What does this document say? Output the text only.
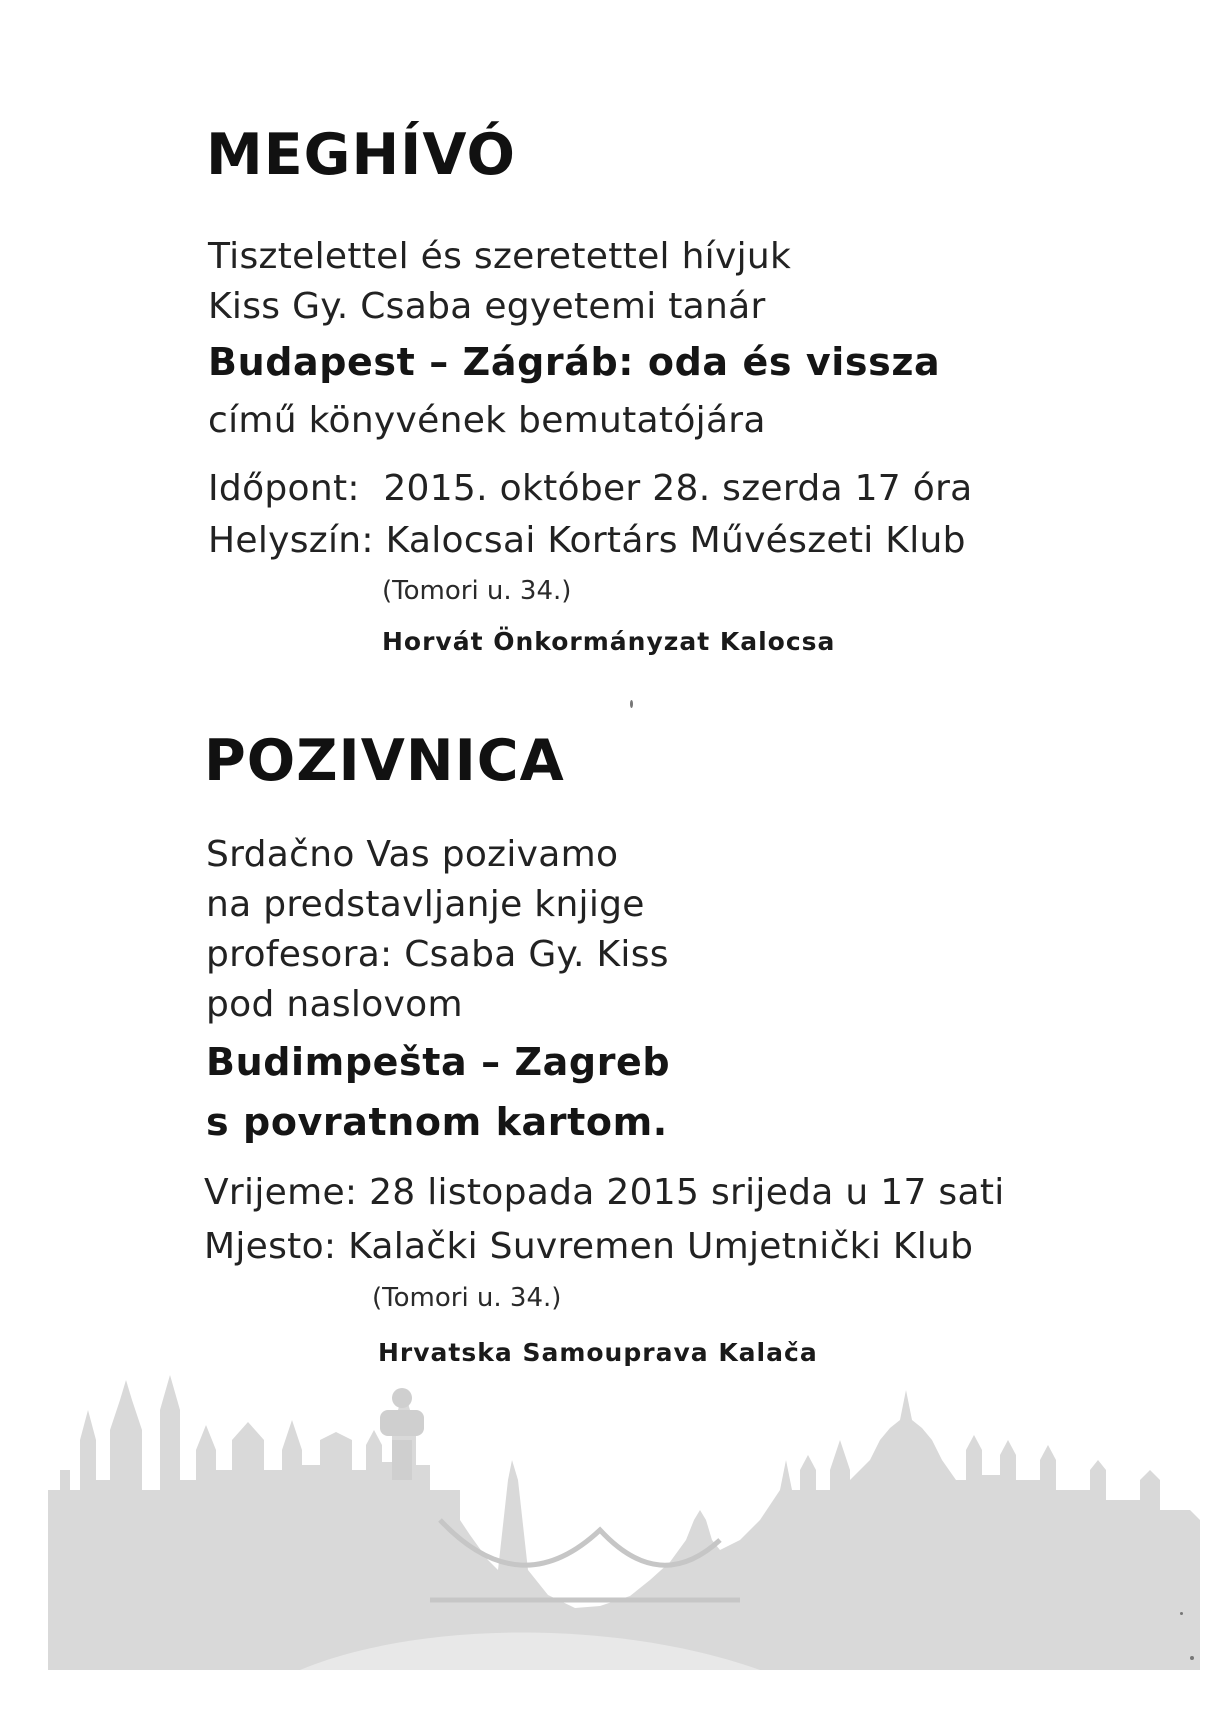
MEGHÍVÓ
Tisztelettel és szeretettel hívjuk
Kiss Gy. Csaba egyetemi tanár
Budapest – Zágráb: oda és vissza
című könyvének bemutatójára
Időpont:  2015. október 28. szerda 17 óra
Helyszín: Kalocsai Kortárs Művészeti Klub
(Tomori u. 34.)
Horvát Önkormányzat Kalocsa
POZIVNICA
Srdačno Vas pozivamo
na predstavljanje knjige
profesora: Csaba Gy. Kiss
pod naslovom
Budimpešta – Zagreb
s povratnom kartom.
Vrijeme: 28 listopada 2015 srijeda u 17 sati
Mjesto: Kalački Suvremen Umjetnički Klub
(Tomori u. 34.)
Hrvatska Samouprava Kalača
